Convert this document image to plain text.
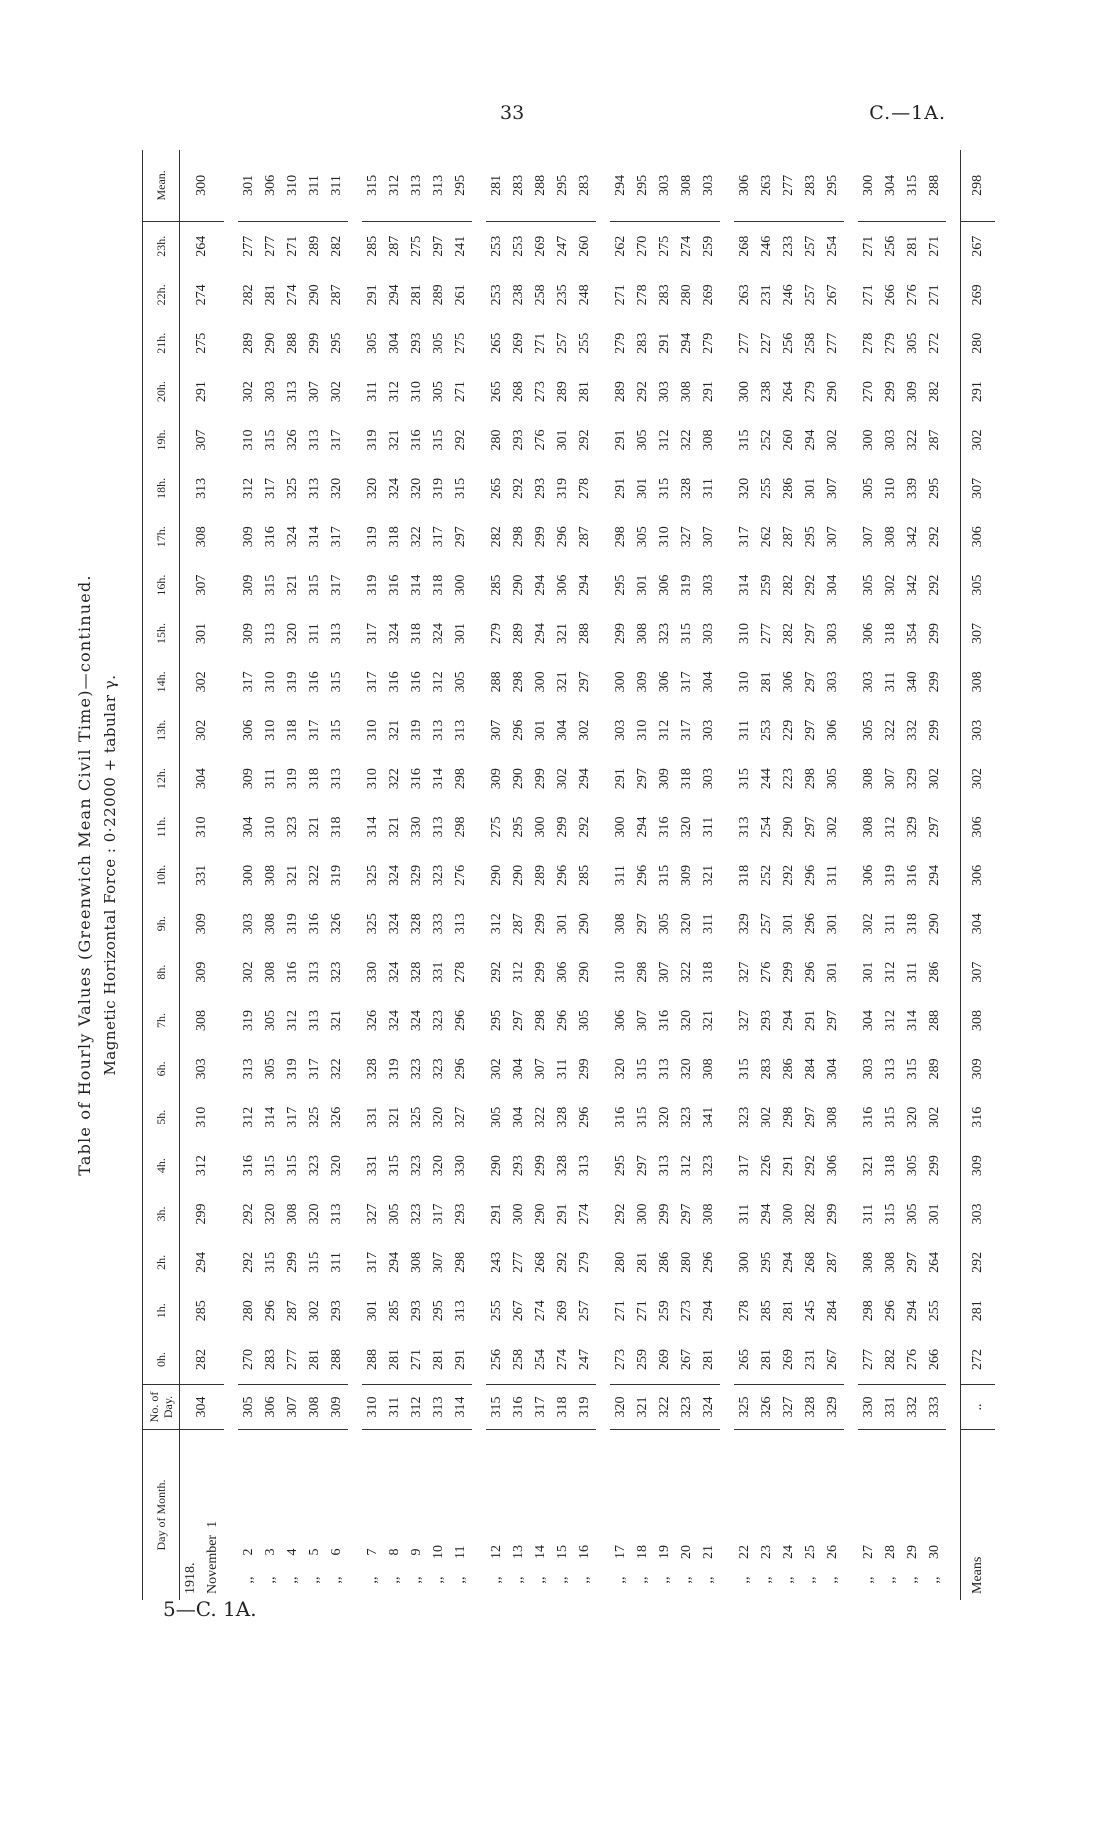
33	C.—1A.
Table of Hourly Values (Greenwich Mean Civil Time)—continued. Magnetic Horizontal Force : 0·22000 + tabular γ.
Day of Month.	No. of Day.	0h.	1h.	2h.	3h.	4h.	5h.	6h.	7h.	8h.	9h.	10h.	11h.	12h.	13h.	14h.	15h.	16h.	17h.	18h.	19h.	20h.	21h.	22h.	23h.	Mean.
1918.
November  1	304	282	285	294	299	312	310	303	308	309	309	331	310	304	302	302	301	307	308	313	307	291	275	274	264	300

,,      2	305	270	280	292	292	316	312	313	319	302	303	300	304	309	306	317	309	309	309	312	310	302	289	282	277	301
,,      3	306	283	296	315	320	315	314	305	305	308	308	308	310	311	310	310	313	315	316	317	315	303	290	281	277	306
,,      4	307	277	287	299	308	315	317	319	312	316	319	321	323	319	318	319	320	321	324	325	326	313	288	274	271	310
,,      5	308	281	302	315	320	323	325	317	313	313	316	322	321	318	317	316	311	315	314	313	313	307	299	290	289	311
,,      6	309	288	293	311	313	320	326	322	321	323	326	319	318	313	315	315	313	317	317	320	317	302	295	287	282	311

,,      7	310	288	301	317	327	331	331	328	326	330	325	325	314	310	310	317	317	319	319	320	319	311	305	291	285	315
,,      8	311	281	285	294	305	315	321	319	324	324	324	324	321	322	321	316	324	316	318	324	321	312	304	294	287	312
,,      9	312	271	293	308	323	323	325	323	324	328	328	329	330	316	319	316	318	314	322	320	316	310	293	281	275	313
,,     10	313	281	295	307	317	320	320	323	323	331	333	323	313	314	313	312	324	318	317	319	315	305	305	289	297	313
,,     11	314	291	313	298	293	330	327	296	296	278	313	276	298	298	313	305	301	300	297	315	292	271	275	261	241	295

,,     12	315	256	255	243	291	290	305	302	295	292	312	290	275	309	307	288	279	285	282	265	280	265	265	253	253	281
,,     13	316	258	267	277	300	293	304	304	297	312	287	290	295	290	296	298	289	290	298	292	293	268	269	238	253	283
,,     14	317	254	274	268	290	299	322	307	298	299	299	289	300	299	301	300	294	294	299	293	276	273	271	258	269	288
,,     15	318	274	269	292	291	328	328	311	296	306	301	296	299	302	304	321	321	306	296	319	301	289	257	235	247	295
,,     16	319	247	257	279	274	313	296	299	305	290	290	285	292	294	302	297	288	294	287	278	292	281	255	248	260	283

,,     17	320	273	271	280	292	295	316	320	306	310	308	311	300	291	303	300	299	295	298	291	291	289	279	271	262	294
,,     18	321	259	271	281	300	297	315	315	307	298	297	296	294	297	310	309	308	301	305	301	305	292	283	278	270	295
,,     19	322	269	259	286	299	313	320	313	316	307	305	315	316	309	312	306	323	306	310	315	312	303	291	283	275	303
,,     20	323	267	273	280	297	312	323	320	320	322	320	309	320	318	317	317	315	319	327	328	322	308	294	280	274	308
,,     21	324	281	294	296	308	323	341	308	321	318	311	321	311	303	303	304	303	303	307	311	308	291	279	269	259	303

,,     22	325	265	278	300	311	317	323	315	327	327	329	318	313	315	311	310	310	314	317	320	315	300	277	263	268	306
,,     23	326	281	285	295	294	226	302	283	293	276	257	252	254	244	253	281	277	259	262	255	252	238	227	231	246	263
,,     24	327	269	281	294	300	291	298	286	294	299	301	292	290	223	229	306	282	282	287	286	260	264	256	246	233	277
,,     25	328	231	245	268	282	292	297	284	291	296	296	296	297	298	297	297	297	292	295	301	294	279	258	257	257	283
,,     26	329	267	284	287	299	306	308	304	297	301	301	311	302	305	306	303	303	304	307	307	302	290	277	267	254	295

,,     27	330	277	298	308	311	321	316	303	304	301	302	306	308	308	305	303	306	305	307	305	300	270	278	271	271	300
,,     28	331	282	296	308	315	318	315	313	312	312	311	319	312	307	322	311	318	302	308	310	303	299	279	266	256	304
,,     29	332	276	294	297	305	305	320	315	314	311	318	316	329	329	332	340	354	342	342	339	322	309	305	276	281	315
,,     30	333	266	255	264	301	299	302	289	288	286	290	294	297	302	299	299	299	292	292	295	287	282	272	271	271	288

Means	..	272	281	292	303	309	316	309	308	307	304	306	306	302	303	308	307	305	306	307	302	291	280	269	267	298
5—C. 1A.
